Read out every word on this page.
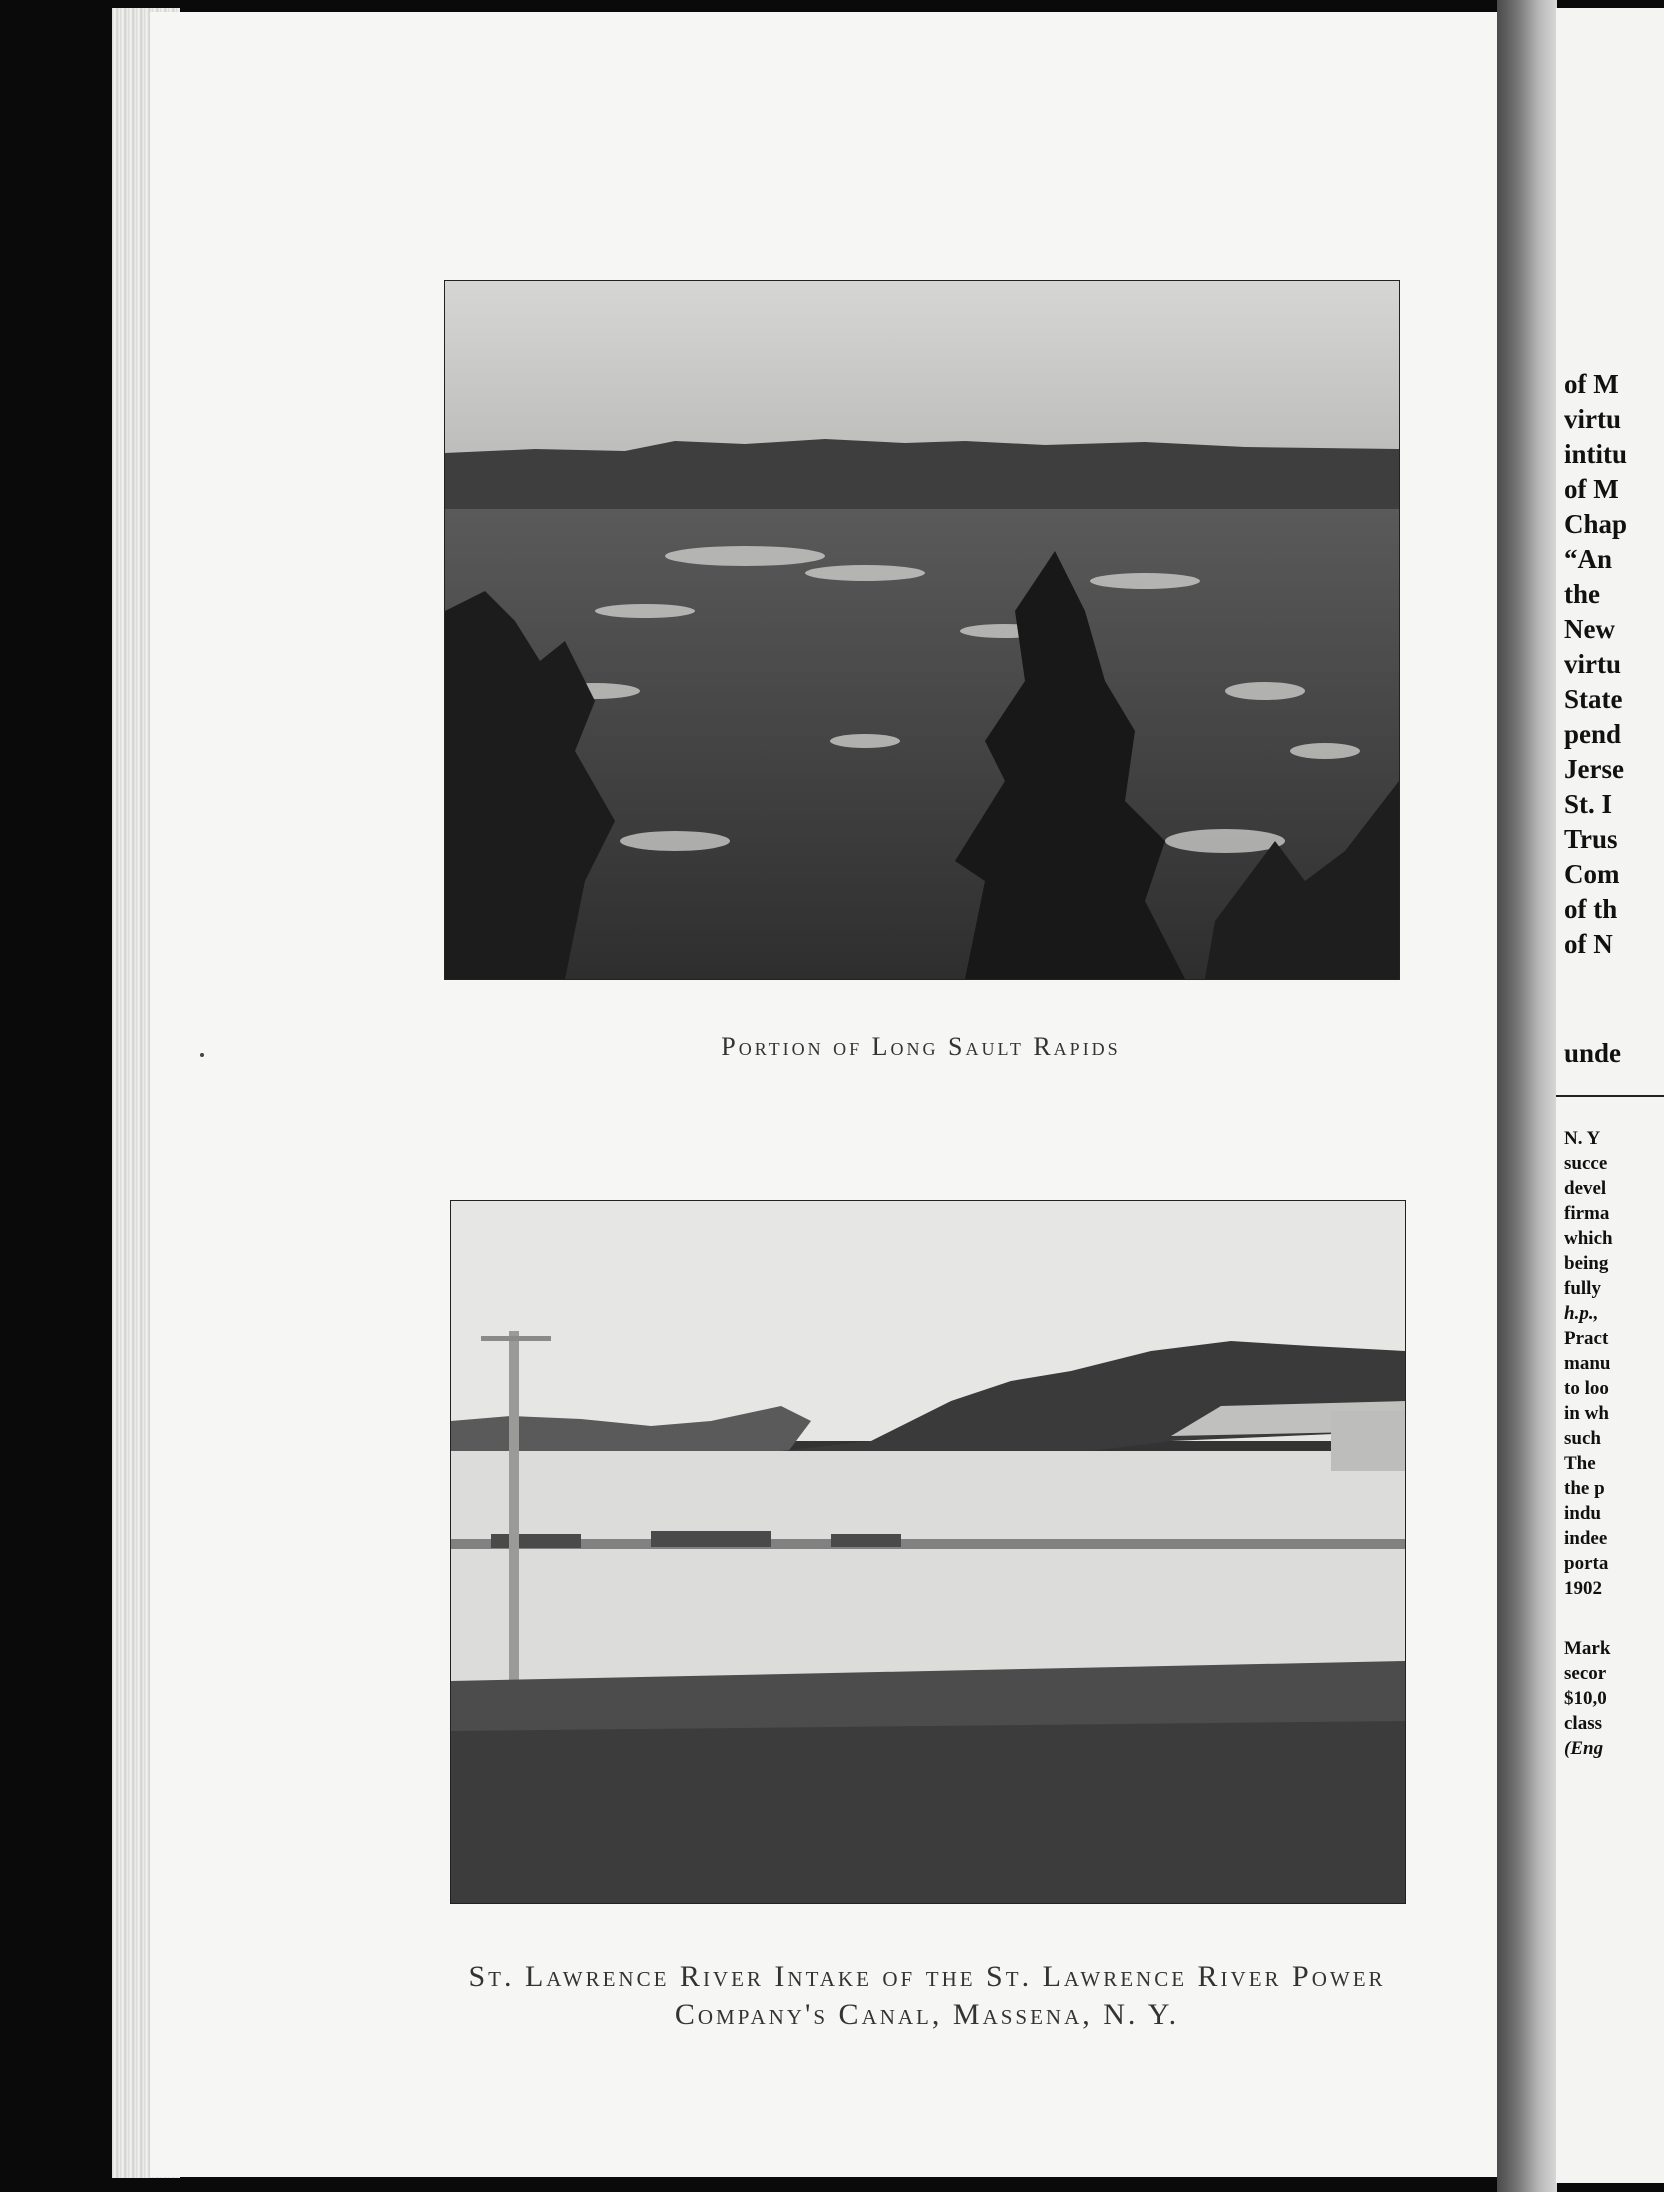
Portion of Long Sault Rapids
St. Lawrence River Intake of the St. Lawrence River Power
Company's Canal, Massena, N. Y.
of M
virtu
intitu
of M
Chap
“An
the
New
virtu
State
pend
Jerse
St. I
Trus
Com
of th
of N
unde
N. Y
succe
devel
firma
which
being
fully
h.p.,
Pract
manu
to loo
in wh
such
The
the p
indu
indee
porta
1902
Mark
secor
$10,0
class
(Eng
